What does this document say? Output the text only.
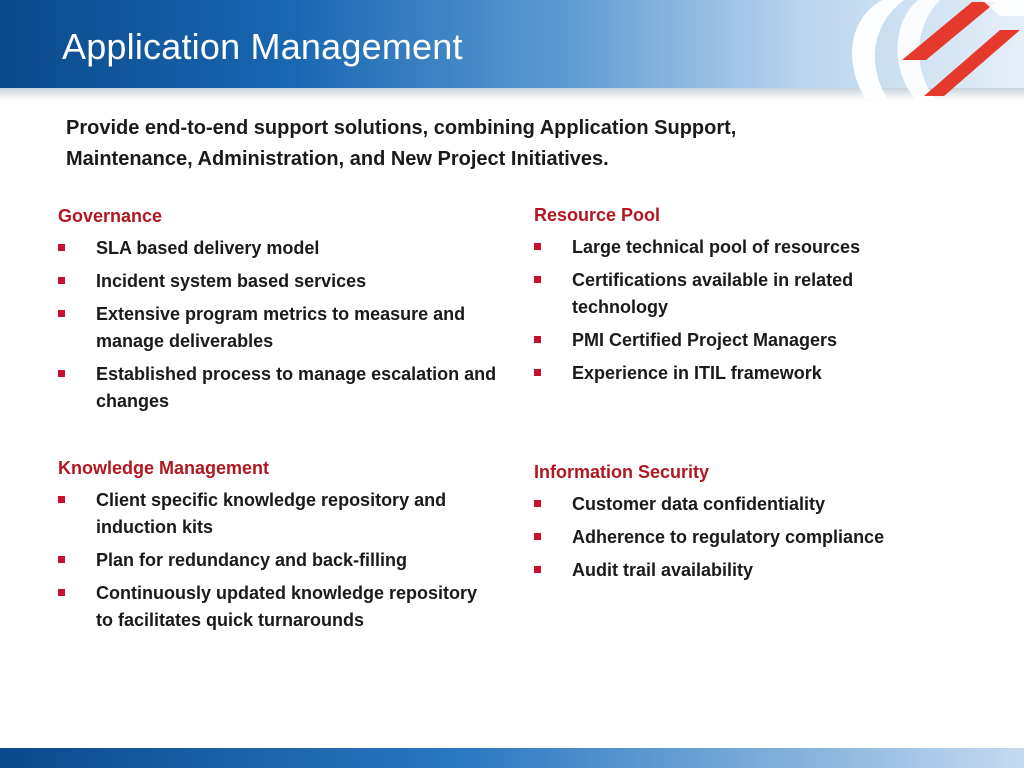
Application Management
Provide end-to-end support solutions, combining Application Support, Maintenance, Administration, and New Project Initiatives.
Governance
SLA based delivery model
Incident system based services
Extensive program metrics to measure and manage deliverables
Established process to manage escalation and changes
Knowledge Management
Client specific knowledge repository and induction kits
Plan for redundancy and back-filling
Continuously updated knowledge repository to facilitates quick turnarounds
Resource Pool
Large technical pool of resources
Certifications available in related technology
PMI Certified Project Managers
Experience in ITIL framework
Information Security
Customer data confidentiality
Adherence to regulatory compliance
Audit trail availability
